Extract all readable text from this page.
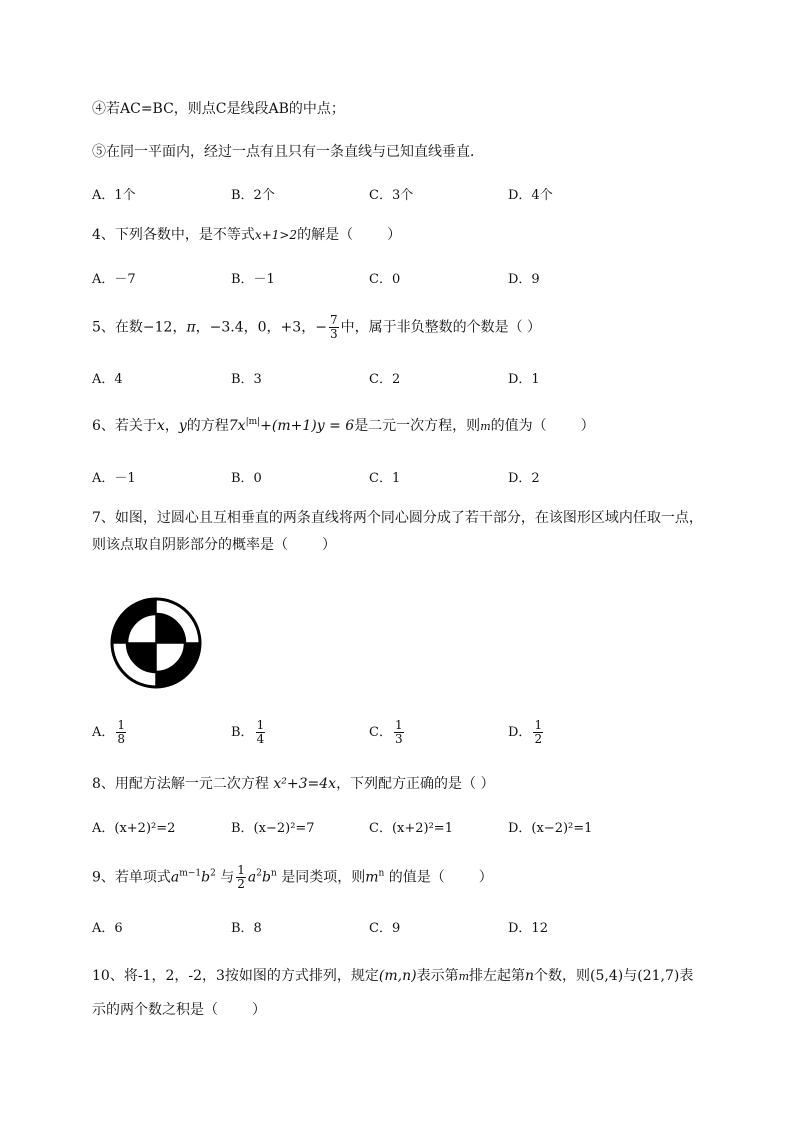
④若AC=BC，则点C是线段AB的中点；
⑤在同一平面内，经过一点有且只有一条直线与已知直线垂直．
A．1个	B．2个	C．3个	D．4个
4、下列各数中，是不等式x+1>2的解是（ ）
A．－7	B．－1	C．0	D．9
5、在数−12，π，−3.4，0，+3，− $\frac{7}{3}$ 中，属于非负整数的个数是（ ）
A．4	B．3	C．2	D．1
6、若关于x，y的方程$7x^{|m|}+(m+1)y = 6$是二元一次方程，则m的值为（ ）
A．－1	B．0	C．1	D．2
7、如图，过圆心且互相垂直的两条直线将两个同心圆分成了若干部分，在该图形区域内任取一点，
则该点取自阴影部分的概率是（ ）
A． $\frac{1}{8}$	B． $\frac{1}{4}$	C． $\frac{1}{3}$	D． $\frac{1}{2}$
8、用配方法解一元二次方程 x²+3=4x，下列配方正确的是（ ）
A．(x+2)²=2	B．(x−2)²=7	C．(x+2)²=1	D．(x−2)²=1
9、若单项式$a^{m-1}b^2$ 与 $\frac{1}{2} a^2b^n$ 是同类项，则$m^n$ 的值是（ ）
A．6	B．8	C．9	D．12
10、将-1，2，-2，3按如图的方式排列，规定(m,n)表示第m排左起第n个数，则(5,4)与(21,7)表
示的两个数之积是（ ）
